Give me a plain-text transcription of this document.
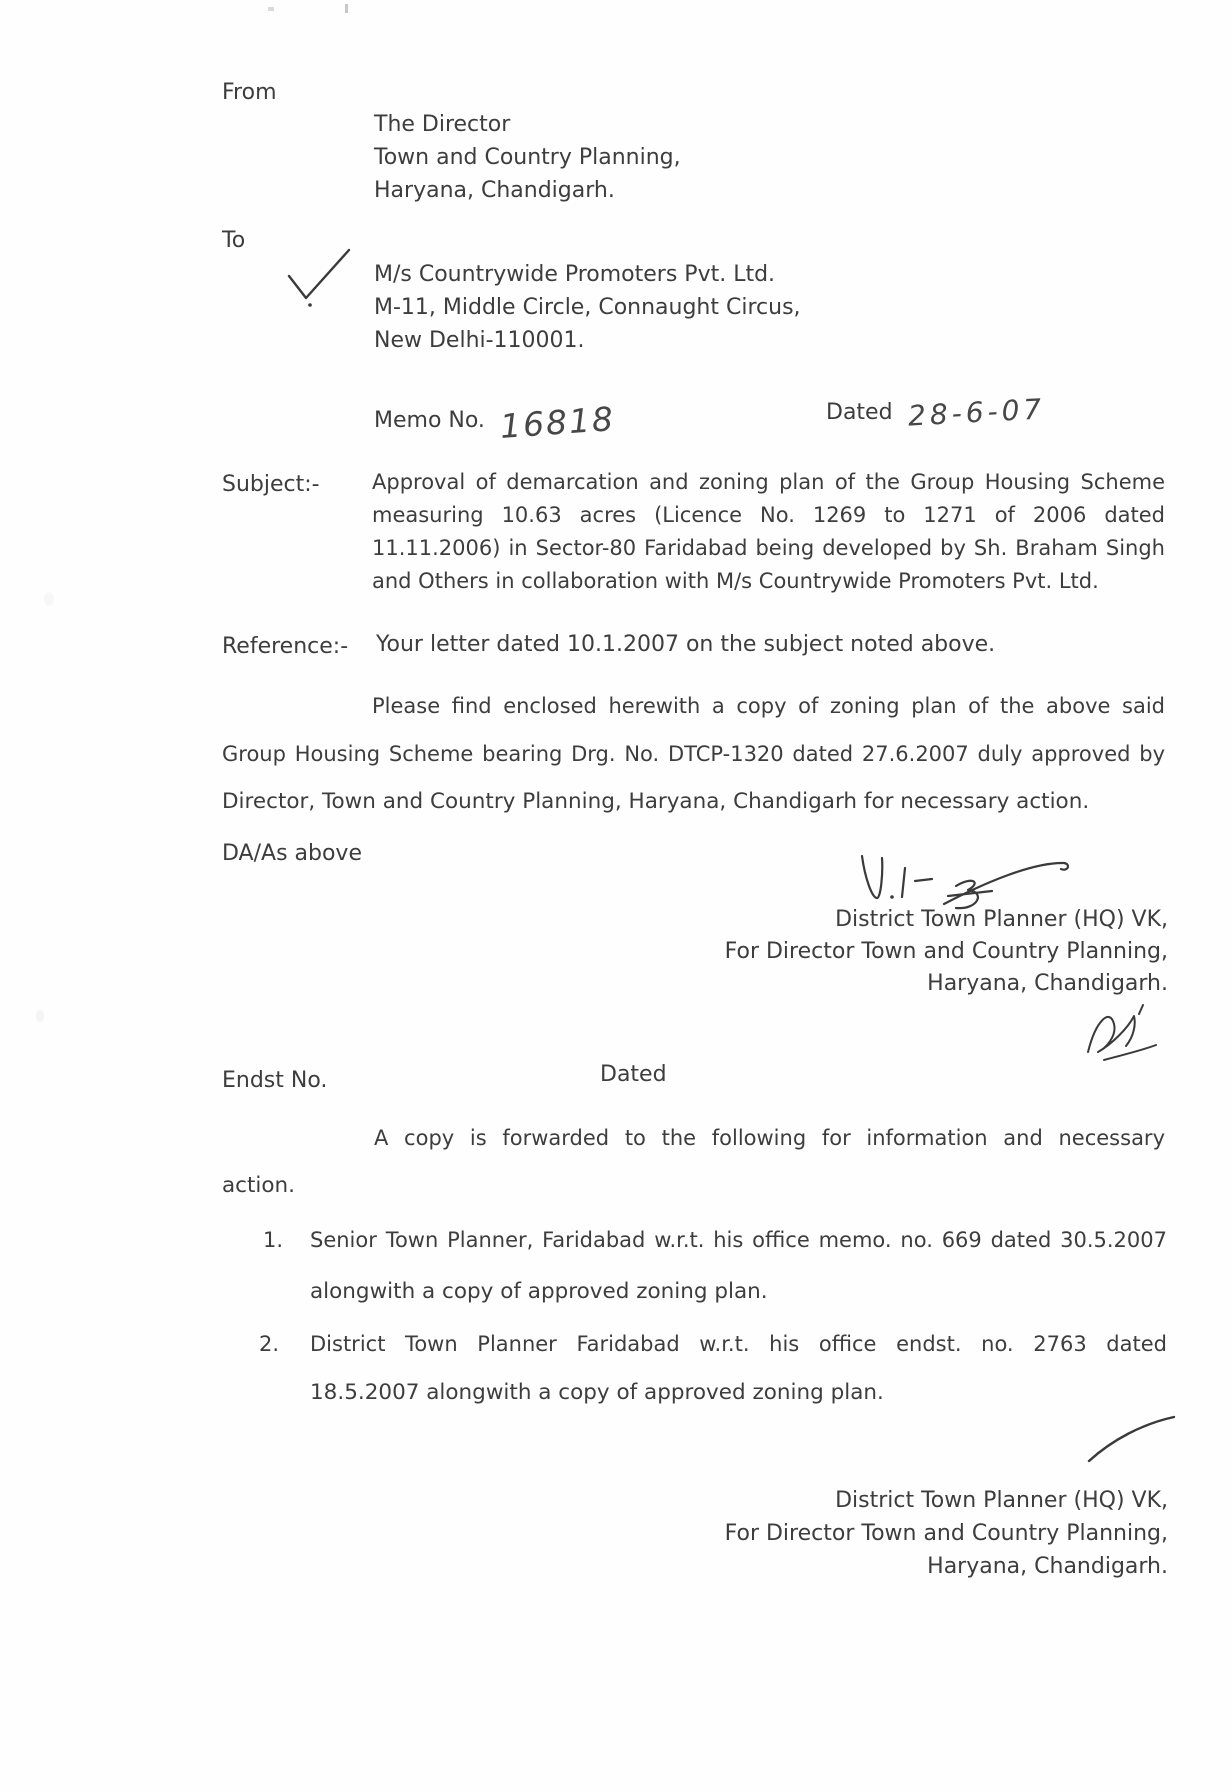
From
The Director
Town and Country Planning,
Haryana, Chandigarh.
To
M/s Countrywide Promoters Pvt. Ltd.
M-11, Middle Circle, Connaught Circus,
New Delhi-110001.
Memo No. 16818	Dated 28-6-07
Subject:- Approval of demarcation and zoning plan of the Group Housing Scheme
measuring 10.63 acres (Licence No. 1269 to 1271 of 2006 dated
11.11.2006) in Sector-80 Faridabad being developed by Sh. Braham Singh
and Others in collaboration with M/s Countrywide Promoters Pvt. Ltd.
Reference:- Your letter dated 10.1.2007 on the subject noted above.
Please find enclosed herewith a copy of zoning plan of the above said
Group Housing Scheme bearing Drg. No. DTCP-1320 dated 27.6.2007 duly approved by
Director, Town and Country Planning, Haryana, Chandigarh for necessary action.
DA/As above
District Town Planner (HQ) VK,
For Director Town and Country Planning,
Haryana, Chandigarh.
Endst No.	Dated
A copy is forwarded to the following for information and necessary
action.
1. Senior Town Planner, Faridabad w.r.t. his office memo. no. 669 dated 30.5.2007
alongwith a copy of approved zoning plan.
2. District Town Planner Faridabad w.r.t. his office endst. no. 2763 dated
18.5.2007 alongwith a copy of approved zoning plan.
District Town Planner (HQ) VK,
For Director Town and Country Planning,
Haryana, Chandigarh.
